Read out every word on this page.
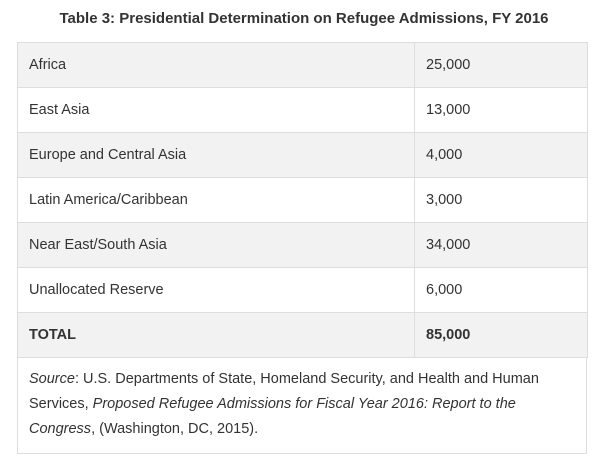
Table 3: Presidential Determination on Refugee Admissions, FY 2016
Africa	25,000
East Asia	13,000
Europe and Central Asia	4,000
Latin America/Caribbean	3,000
Near East/South Asia	34,000
Unallocated Reserve	6,000
TOTAL	85,000
Source: U.S. Departments of State, Homeland Security, and Health and Human Services, Proposed Refugee Admissions for Fiscal Year 2016: Report to the Congress, (Washington, DC, 2015).
